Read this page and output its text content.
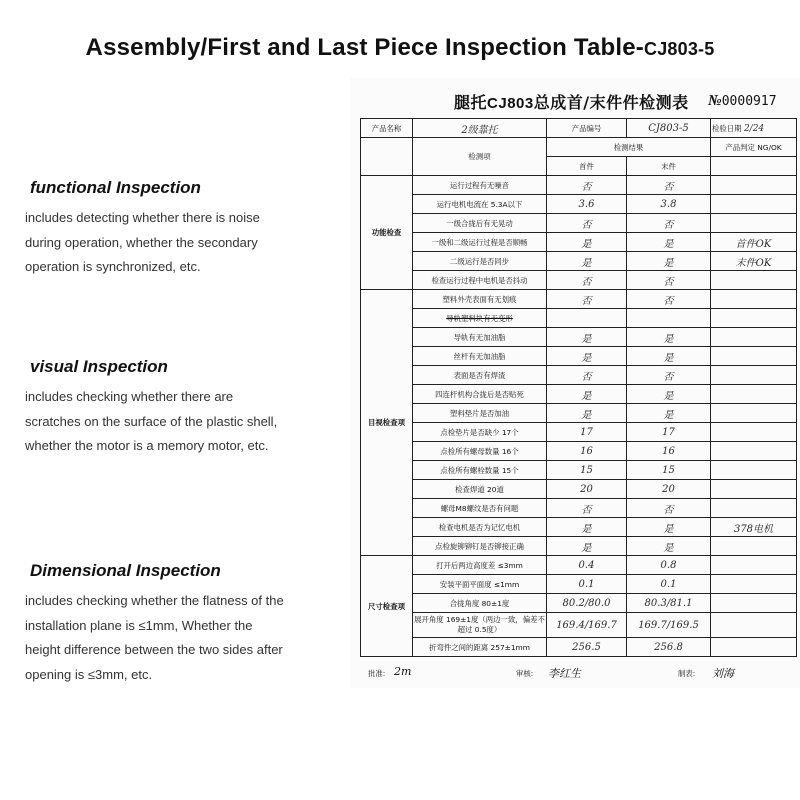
Assembly/First and Last Piece Inspection Table-CJ803-5
functional Inspection

includes detecting whether there is noise during operation, whether the secondary operation is synchronized, etc.

visual Inspection

includes checking whether there are scratches on the surface of the plastic shell, whether the motor is a memory motor, etc.

Dimensional Inspection

includes checking whether the flatness of the installation plane is ≤1mm, Whether the height difference between the two sides after opening is ≤3mm, etc.

腿托CJ803总成首/末件件检测表 №0000917
产品名称	2级靠托	产品编号	CJ803-5	检验日期 2/24
	检测项	检测结果		产品判定 NG/OK
		首件	末件	
功能检查	运行过程有无噪音	否	否	
	运行电机电流在 5.3A以下	3.6	3.8	
	一级合拢后有无晃动	否	否	
	一级和二级运行过程是否顺畅	是	是	首件OK
	二级运行是否同步	是	是	末件OK
	检查运行过程中电机是否抖动	否	否	
目视检查项	塑料外壳表面有无划痕	否	否	
	导轨塑料块有无变形			
	导轨有无加油脂	是	是	
	丝杆有无加油脂	是	是	
	表面是否有焊渣	否	否	
	四连杆机构合拢后是否贴死	是	是	
	塑料垫片是否加油	是	是	
	点检垫片是否缺少 17个	17	17	
	点检所有螺母数量 16个	16	16	
	点检所有螺栓数量 15个	15	15	
	检查焊道 20道	20	20	
	螺母M8螺纹是否有问题	否	否	
	检查电机是否为记忆电机	是	是	378电机
	点检旋铆铆钉是否铆接正确	是	是	
尺寸检查项	打开后两边高度差 ≤3mm	0.4	0.8	
	安装平面平面度 ≤1mm	0.1	0.1	
	合拢角度 80±1度	80.2/80.0	80.3/81.1	
	展开角度 169±1度（两边一致，偏差不超过 0.5度）	169.4/169.7	169.7/169.5	
	折弯件之间的距离 257±1mm	256.5	256.8	
批准: 2m	审核: 李红生	制表: 刘海
